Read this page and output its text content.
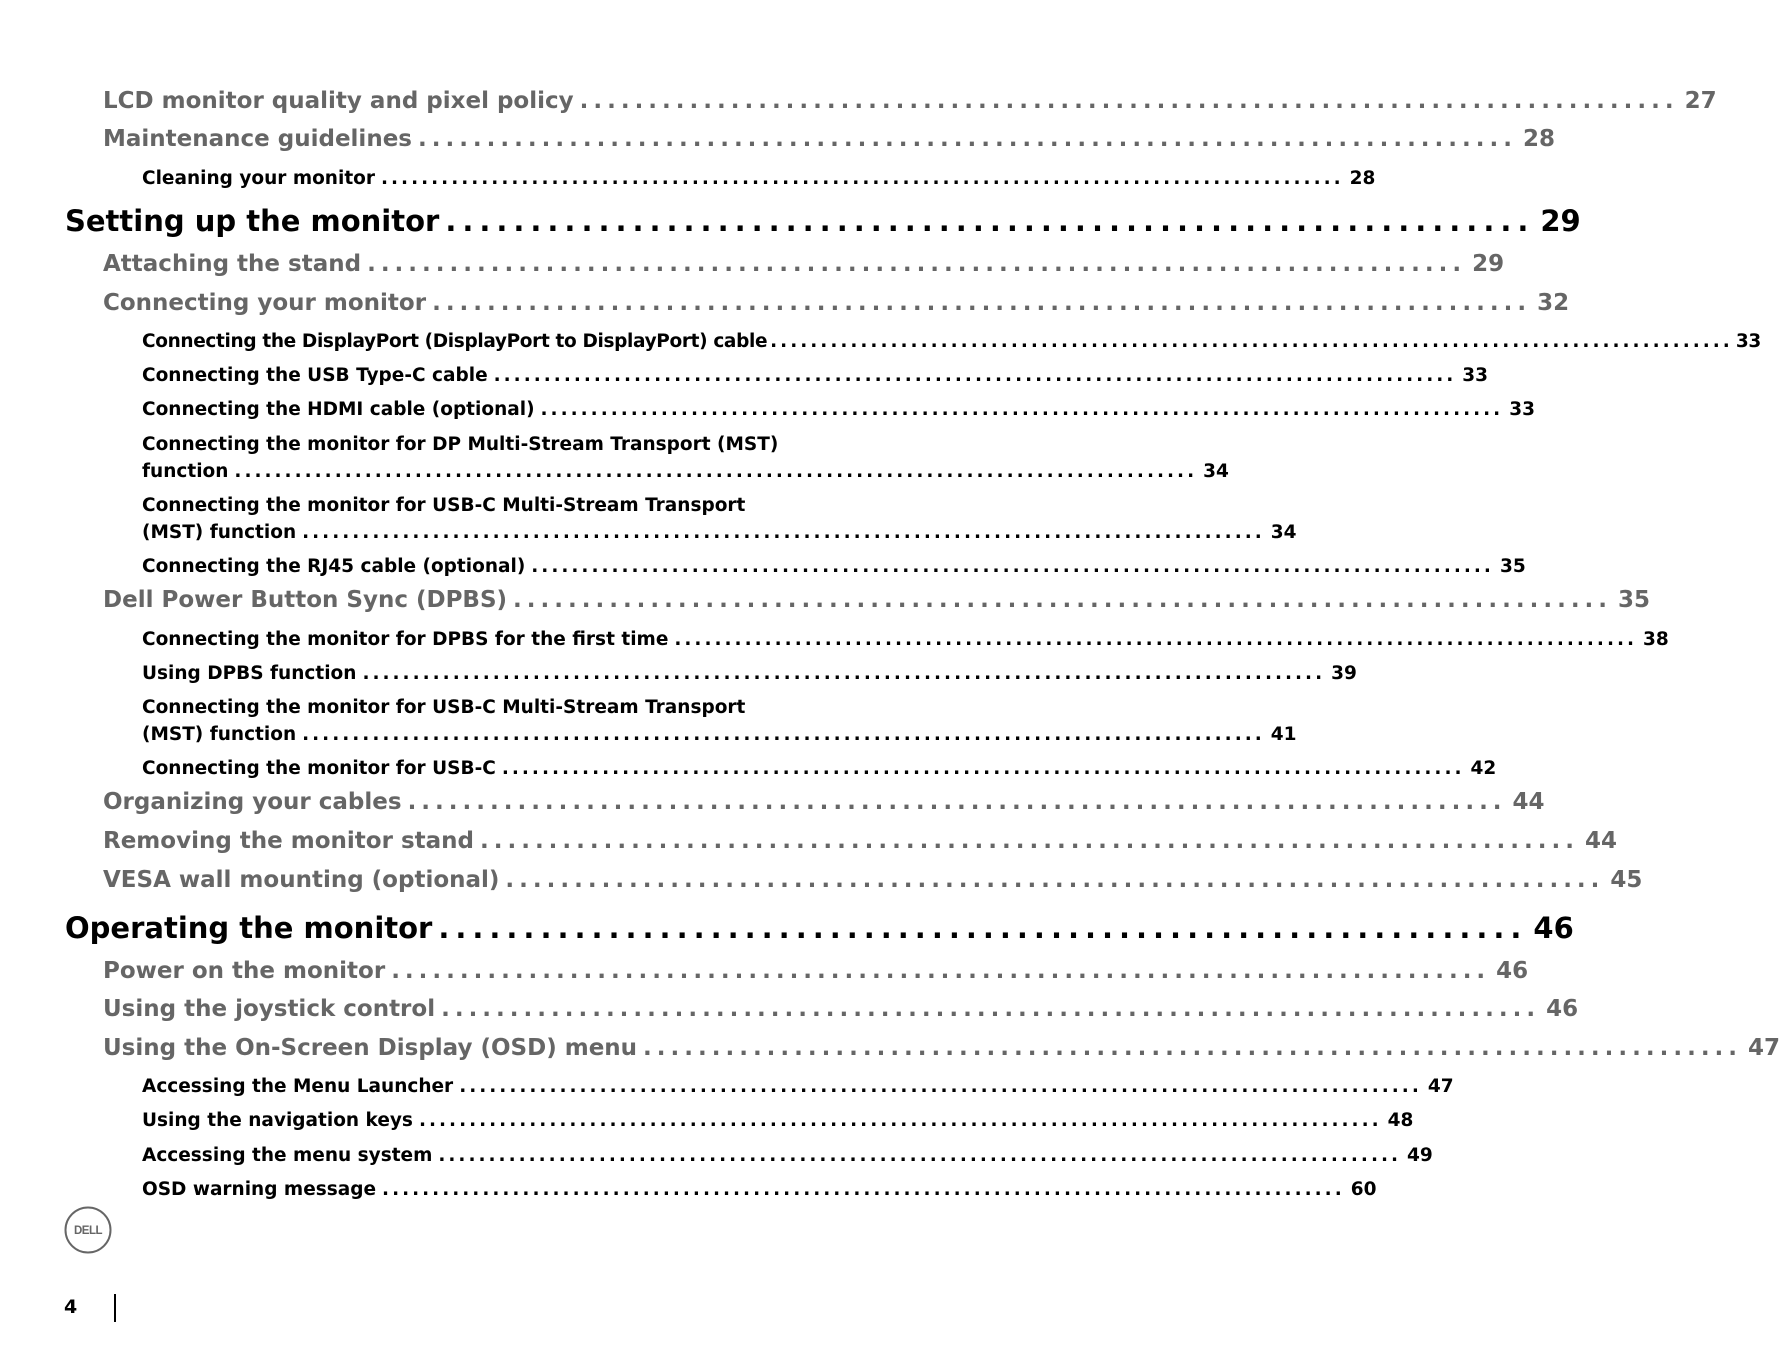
LCD monitor quality and pixel policy ................................................................................ 27
Maintenance guidelines ................................................................................ 28
Cleaning your monitor ................................................................................................ 28
Setting up the monitor ................................................................ 29
Attaching the stand ................................................................................ 29
Connecting your monitor ................................................................................ 32
Connecting the DisplayPort (DisplayPort to DisplayPort) cable ................................................................................................ 33
Connecting the USB Type-C cable ................................................................................................ 33
Connecting the HDMI cable (optional) ................................................................................................ 33
Connecting the monitor for DP Multi-Stream Transport (MST)
function ................................................................................................ 34
Connecting the monitor for USB-C Multi-Stream Transport
(MST) function ................................................................................................ 34
Connecting the RJ45 cable (optional) ................................................................................................ 35
Dell Power Button Sync (DPBS) ................................................................................ 35
Connecting the monitor for DPBS for the first time ................................................................................................ 38
Using DPBS function ................................................................................................ 39
Connecting the monitor for USB-C Multi-Stream Transport
(MST) function ................................................................................................ 41
Connecting the monitor for USB-C ................................................................................................ 42
Organizing your cables ................................................................................ 44
Removing the monitor stand ................................................................................ 44
VESA wall mounting (optional) ................................................................................ 45
Operating the monitor ................................................................ 46
Power on the monitor ................................................................................ 46
Using the joystick control ................................................................................ 46
Using the On-Screen Display (OSD) menu ................................................................................ 47
Accessing the Menu Launcher ................................................................................................ 47
Using the navigation keys ................................................................................................ 48
Accessing the menu system ................................................................................................ 49
OSD warning message ................................................................................................ 60
DELL
4
